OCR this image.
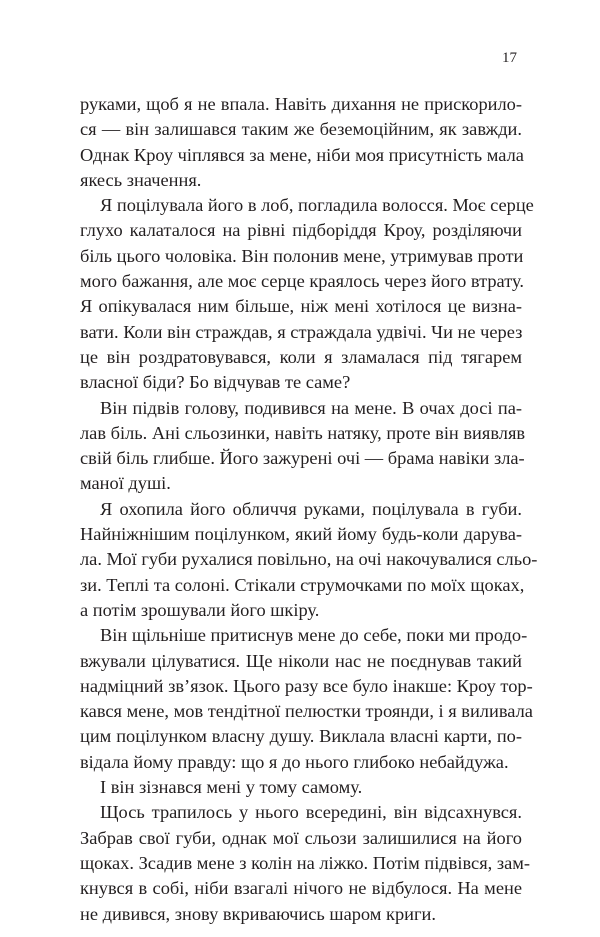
17
руками, щоб я не впала. Навіть дихання не прискорило-
ся — він залишався таким же беземоційним, як завжди.
Однак Кроу чіплявся за мене, ніби моя присутність мала
якесь значення.
Я поцілувала його в лоб, погладила волосся. Моє серце
глухо калаталося на рівні підборіддя Кроу, розділяючи
біль цього чоловіка. Він полонив мене, утримував проти
мого бажання, але моє серце краялось через його втрату.
Я опікувалася ним більше, ніж мені хотілося це визна-
вати. Коли він страждав, я страждала удвічі. Чи не через
це він роздратовувався, коли я зламалася під тягарем
власної біди? Бо відчував те саме?
Він підвів голову, подивився на мене. В очах досі па-
лав біль. Ані сльозинки, навіть натяку, проте він виявляв
свій біль глибше. Його зажурені очі — брама навіки зла-
маної душі.
Я охопила його обличчя руками, поцілувала в губи.
Найніжнішим поцілунком, який йому будь-коли дарува-
ла. Мої губи рухалися повільно, на очі накочувалися сльо-
зи. Теплі та солоні. Стікали струмочками по моїх щоках,
а потім зрошували його шкіру.
Він щільніше притиснув мене до себе, поки ми продо-
вжували цілуватися. Ще ніколи нас не поєднував такий
надміцний зв’язок. Цього разу все було інакше: Кроу тор-
кався мене, мов тендітної пелюстки троянди, і я виливала
цим поцілунком власну душу. Виклала власні карти, по-
відала йому правду: що я до нього глибоко небайдужа.
І він зізнався мені у тому самому.
Щось трапилось у нього всередині, він відсахнувся.
Забрав свої губи, однак мої сльози залишилися на його
щоках. Зсадив мене з колін на ліжко. Потім підвівся, зам-
кнувся в собі, ніби взагалі нічого не відбулося. На мене
не дивився, знову вкриваючись шаром криги.
